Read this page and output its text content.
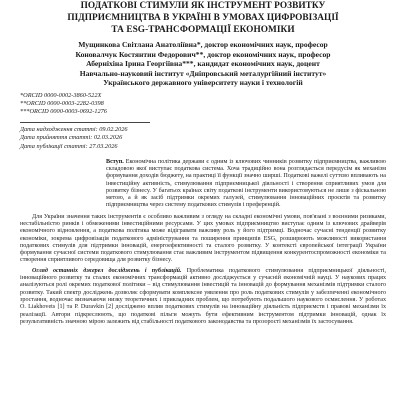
ПОДАТКОВІ СТИМУЛИ ЯК ІНСТРУМЕНТ РОЗВИТКУ
ПІДПРИЄМНИЦТВА В УКРАЇНІ В УМОВАХ ЦИФРОВІЗАЦІЇ
ТА ESG-ТРАНСФОРМАЦІЇ ЕКОНОМІКИ
Мущинкова Світлана Анатоліївна*, доктор економічних наук, професор
Коновалчук Костянтин Федорович**, доктор економічних наук, професор
Аберніхіна Ірина Георгіївна***, кандидат економічних наук, доцент
Навчально-науковий інститут «Дніпровський металургійний інститут»
Українського державного університету науки і технологій
*ORCID 0000-0002-3860-522X
**ORCID 0000-0003-2282-0398
***ORCID 0000-0003-0692-1276
Дата надходження статті: 09.02.2026
Дата прийняття статті: 02.03.2026
Дата публікації статті: 27.03.2026
Вступ. Економічна політика держави є одним із ключових чинників розвитку підприємництва, важливою складовою якої виступає податкова система. Хоча традиційно вона розглядається передусім як механізм формування доходів бюджету, на практиці її функції значно ширші. Податкові важелі суттєво впливають на інвестиційну активність, стимулювання підприємницької діяльності і створення сприятливих умов для розвитку бізнесу. У багатьох країнах світу податкові інструменти використовуються не лише з фіскальною метою, а й як засіб підтримки окремих галузей, стимулювання інноваційних проєктів та розвитку підприємництва через систему податкових стимулів і преференцій.

Для України значення таких інструментів є особливо важливим з огляду на складні економічні умови, пов'язані з воєнними ризиками, нестабільністю ринків і обмеженими інвестиційними ресурсами. У цих умовах підприємництво виступає одним із ключових драйверів економічного відновлення, а податкова політика може відігравати важливу роль у його підтримці. Водночас сучасні тенденції розвитку економіки, зокрема цифровізація податкового адміністрування та поширення принципів ESG, розширюють можливості використання податкових стимулів для підтримки інновацій, енергоефективності та сталого розвитку. У контексті європейської інтеграції України формування сучасної системи податкового стимулювання стає важливим інструментом підвищення конкурентоспроможності економіки та створення сприятливого середовища для розвитку бізнесу.

Огляд останніх джерел досліджень і публікацій. Проблематика податкового стимулювання підприємницької діяльності, інноваційного розвитку та сталих економічних трансформацій активно досліджується у сучасній економічній науці. У наукових працях аналізуються ролі окремих податкової політики – від стимулювання інвестицій та інновацій до формування механізмів підтримки сталого розвитку. Такий спектр досліджень дозволяє сформувати комплексне уявлення про роль податкових стимулів у забезпеченні економічного зростання, водночас визначаючи низку теоретичних і прикладних проблем, що потребують подальшого наукового осмислення. У роботах O. Liakhovets [1] та P. Duravkin [2] досліджено вплив податкових стимулів на інноваційну діяльність підприємств і правові механізми їх реалізації. Автори підкреслюють, що податкові пільги можуть бути ефективним інструментом підтримки інновацій, однак їх результативність значною мірою залежить від стабільності податкового законодавства та прозорості механізмів їх застосування.
